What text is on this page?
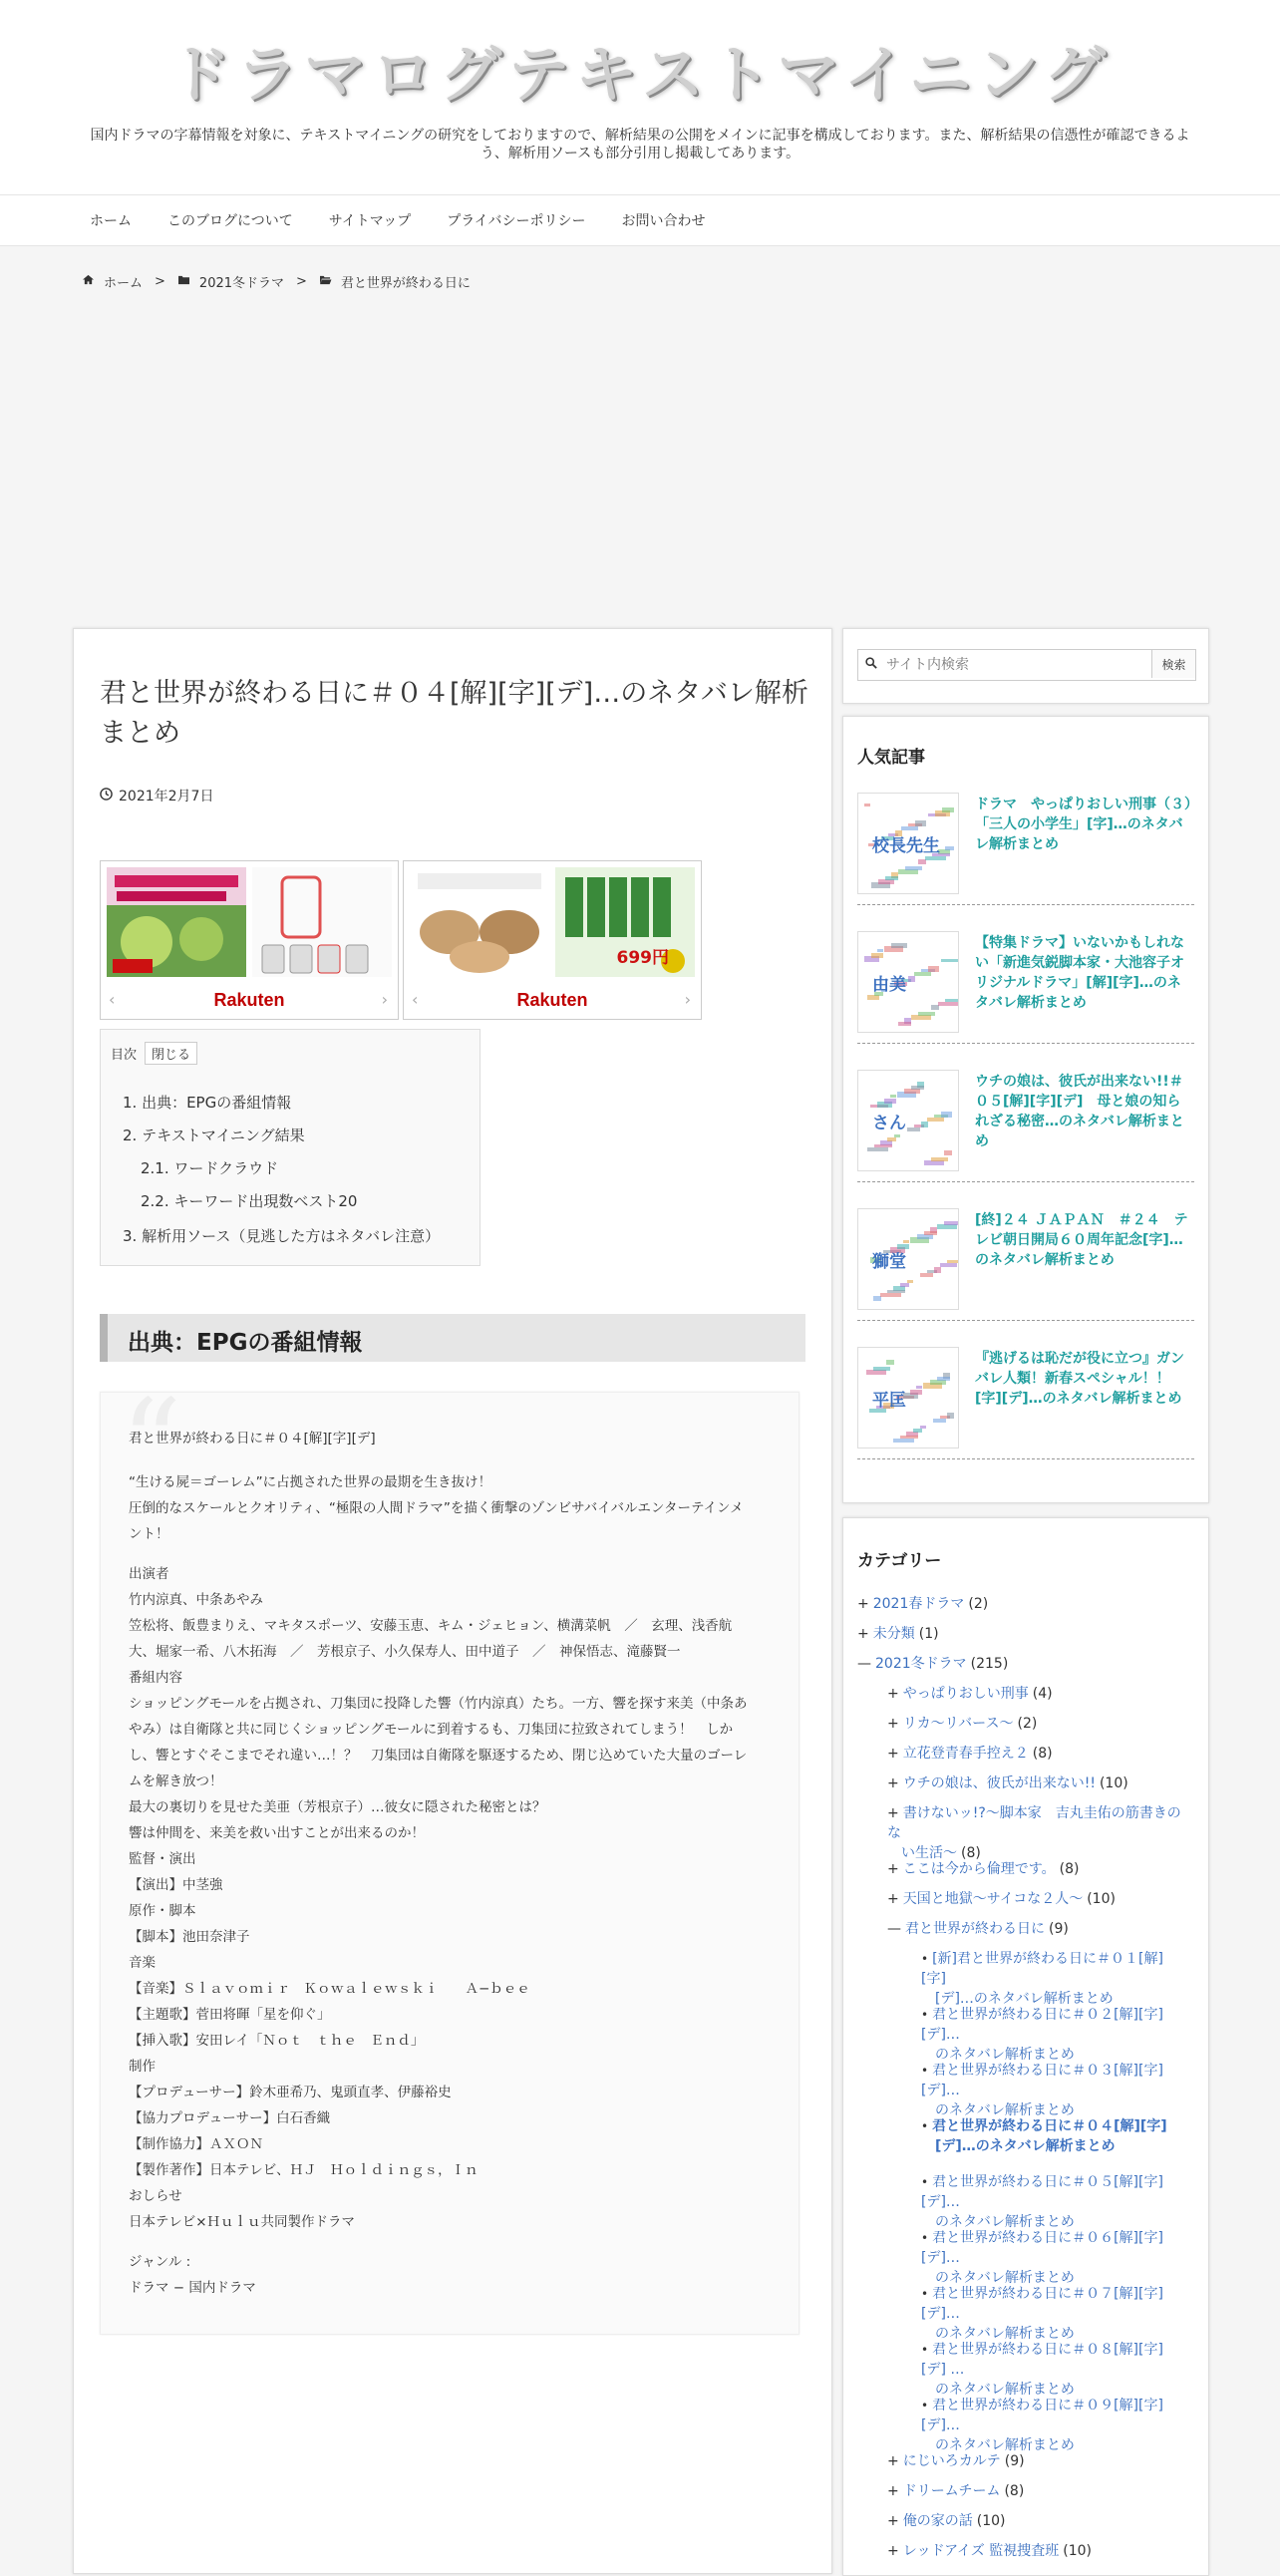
ドラマログテキストマイニング
国内ドラマの字幕情報を対象に、テキストマイニングの研究をしておりますので、解析結果の公開をメインに記事を構成しております。また、解析結果の信憑性が確認できるよう、解析用ソースも部分引用し掲載してあります。
ホーム	このブログについて	サイトマップ	プライバシーポリシー	お問い合わせ
ホーム >	2021冬ドラマ >	君と世界が終わる日に
君と世界が終わる日に＃０４[解][字][デ]…のネタバレ解析まとめ
2021年2月7日
Rakuten
‹	›
699円
Rakuten
‹	›
目次	閉じる
1. 出典：EPGの番組情報
2. テキストマイニング結果
2.1. ワードクラウド
2.2. キーワード出現数ベスト20
3. 解析用ソース（見逃した方はネタバレ注意）
出典：EPGの番組情報
“
君と世界が終わる日に＃０４[解][字][デ]
“生ける屍＝ゴーレム”に占拠された世界の最期を生き抜け！
圧倒的なスケールとクオリティ、“極限の人間ドラマ”を描く衝撃のゾンビサバイバルエンターテインメ
ント！
出演者
竹内涼真、中条あやみ
笠松将、飯豊まりえ、マキタスポーツ、安藤玉恵、キム・ジェヒョン、横溝菜帆　／　玄理、浅香航
大、堀家一希、八木拓海　／　芳根京子、小久保寿人、田中道子　／　神保悟志、滝藤賢一
番組内容
ショッピングモールを占拠され、刀集団に投降した響（竹内涼真）たち。一方、響を探す来美（中条あ
やみ）は自衛隊と共に同じくショッピングモールに到着するも、刀集団に拉致されてしまう！　しか
し、響とすぐそこまでそれ違い…！？　刀集団は自衛隊を駆逐するため、閉じ込めていた大量のゴーレ
ムを解き放つ！
最大の裏切りを見せた美亜（芳根京子）…彼女に隠された秘密とは？
響は仲間を、来美を救い出すことが出来るのか！
監督・演出
【演出】中茎強
原作・脚本
【脚本】池田奈津子
音楽
【音楽】Ｓｌａｖｏｍｉｒ　Ｋｏｗａｌｅｗｓｋｉ　　Ａ−ｂｅｅ
【主題歌】菅田将暉「星を仰ぐ」
【挿入歌】安田レイ「Ｎｏｔ　ｔｈｅ　Ｅｎｄ」
制作
【プロデューサー】鈴木亜希乃、鬼頭直孝、伊藤裕史
【協力プロデューサー】白石香織
【制作協力】ＡＸＯＮ
【製作著作】日本テレビ、ＨＪ　Ｈｏｌｄｉｎｇｓ，Ｉｎ
おしらせ
日本テレビ×Ｈｕｌｕ共同製作ドラマ
ジャンル :
ドラマ − 国内ドラマ
サイト内検索
検索
人気記事
校長先生
ドラマ　やっぱりおしい刑事（３）「三人の小学生」[字]…のネタバレ解析まとめ
由美
【特集ドラマ】いないかもしれない「新進気鋭脚本家・大池容子オリジナルドラマ」[解][字]…のネタバレ解析まとめ
さん
ウチの娘は、彼氏が出来ない!!＃０５[解][字][デ]　母と娘の知られざる秘密…のネタバレ解析まとめ
獅堂
[終]２４ ＪＡＰＡＮ　＃２４　テレビ朝日開局６０周年記念[字]…のネタバレ解析まとめ
平匡
『逃げるは恥だが役に立つ』ガンバレ人類！新春スペシャル！！[字][デ]…のネタバレ解析まとめ
カテゴリー
+ 2021春ドラマ (2)
+ 未分類 (1)
— 2021冬ドラマ (215)
+ やっぱりおしい刑事 (4)
+ リカ～リバース～ (2)
+ 立花登青春手控え２ (8)
+ ウチの娘は、彼氏が出来ない!! (10)
+ 書けないッ!?～脚本家　吉丸圭佑の筋書きのな
い生活～ (8)
+ ここは今から倫理です。 (8)
+ 天国と地獄～サイコな２人～ (10)
— 君と世界が終わる日に (9)
• [新]君と世界が終わる日に＃０１[解][字]
[デ]…のネタバレ解析まとめ
• 君と世界が終わる日に＃０２[解][字][デ]…
のネタバレ解析まとめ
• 君と世界が終わる日に＃０３[解][字][デ]…
のネタバレ解析まとめ
• 君と世界が終わる日に＃０４[解][字]
[デ]…のネタバレ解析まとめ
• 君と世界が終わる日に＃０５[解][字][デ]…
のネタバレ解析まとめ
• 君と世界が終わる日に＃０６[解][字][デ]…
のネタバレ解析まとめ
• 君と世界が終わる日に＃０７[解][字][デ]…
のネタバレ解析まとめ
• 君と世界が終わる日に＃０８[解][字][デ] …
のネタバレ解析まとめ
• 君と世界が終わる日に＃０９[解][字][デ]…
のネタバレ解析まとめ
+ にじいろカルテ (9)
+ ドリームチーム (8)
+ 俺の家の話 (10)
+ レッドアイズ 監視捜査班 (10)
